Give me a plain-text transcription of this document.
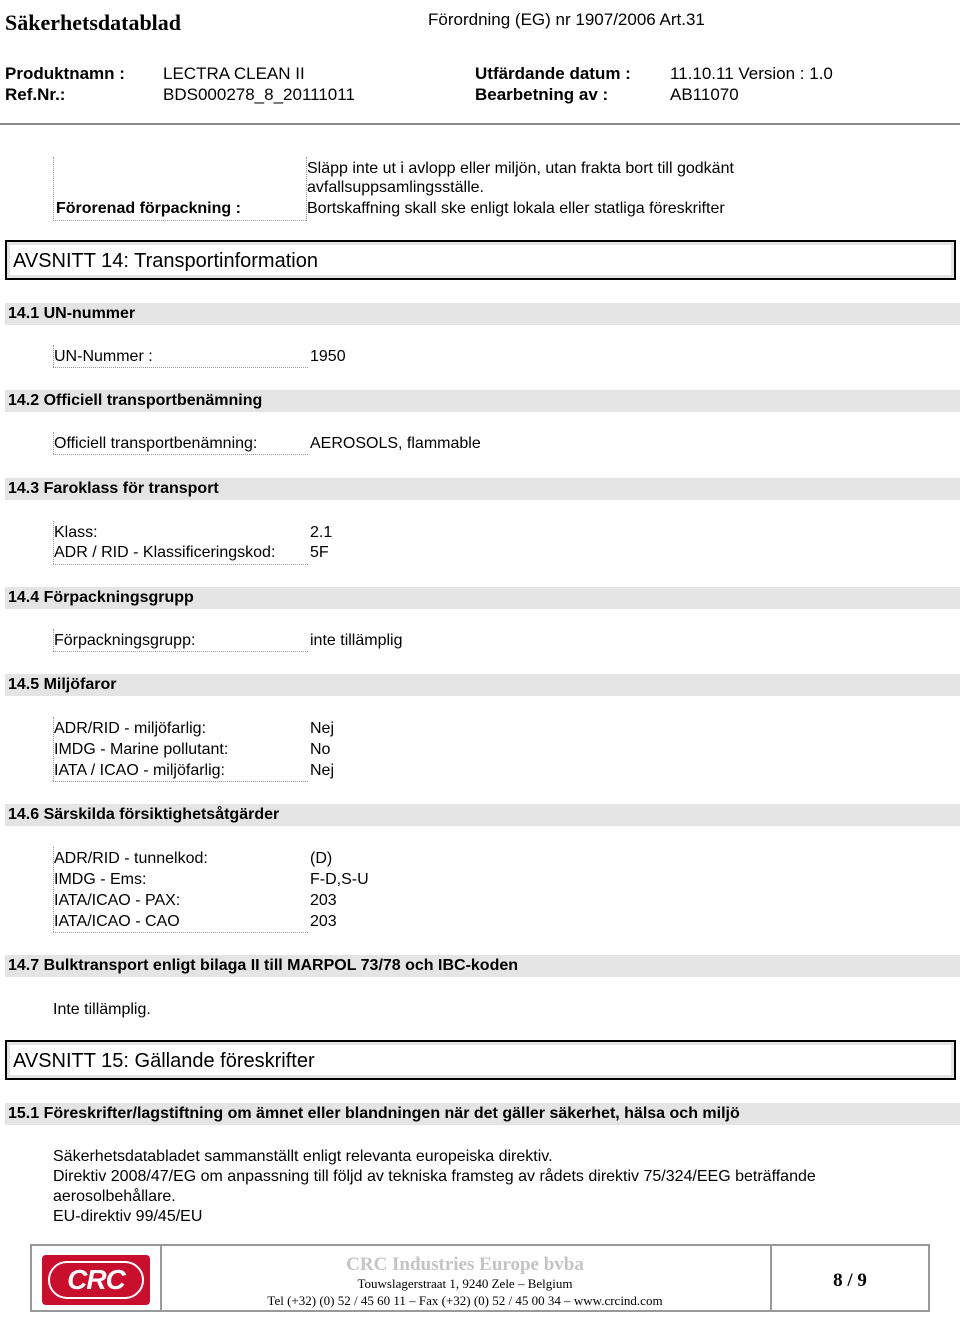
Säkerhetsdatablad	Förordning (EG) nr 1907/2006 Art.31
Produktnamn : LECTRA CLEAN II	Utfärdande datum : 11.10.11 Version : 1.0
Ref.Nr.:	BDS000278_8_20111011	Bearbetning av :	AB11070
Släpp inte ut i avlopp eller miljön, utan frakta bort till godkänt
avfallsuppsamlingsställe.
Förorenad förpackning :	Bortskaffning skall ske enligt lokala eller statliga föreskrifter
AVSNITT 14: Transportinformation
14.1 UN-nummer
UN-Nummer :	1950
14.2 Officiell transportbenämning
Officiell transportbenämning:	AEROSOLS, flammable
14.3 Faroklass för transport
Klass:	2.1
ADR / RID - Klassificeringskod: 5F
14.4 Förpackningsgrupp
Förpackningsgrupp:	inte tillämplig
14.5 Miljöfaror
ADR/RID - miljöfarlig:	Nej
IMDG - Marine pollutant:	No
IATA / ICAO - miljöfarlig:	Nej
14.6 Särskilda försiktighetsåtgärder
ADR/RID - tunnelkod:	(D)
IMDG - Ems:	F-D,S-U
IATA/ICAO - PAX:	203
IATA/ICAO - CAO	203
14.7 Bulktransport enligt bilaga II till MARPOL 73/78 och IBC-koden
Inte tillämplig.
AVSNITT 15: Gällande föreskrifter
15.1 Föreskrifter/lagstiftning om ämnet eller blandningen när det gäller säkerhet, hälsa och miljö
Säkerhetsdatabladet sammanställt enligt relevanta europeiska direktiv.
Direktiv 2008/47/EG om anpassning till följd av tekniska framsteg av rådets direktiv 75/324/EEG beträffande
aerosolbehållare.
EU-direktiv 99/45/EU
CRC	CRC Industries Europe bvba
Touwslagerstraat 1, 9240 Zele – Belgium
Tel (+32) (0) 52 / 45 60 11 – Fax (+32) (0) 52 / 45 00 34 – www.crcind.com
8 / 9
